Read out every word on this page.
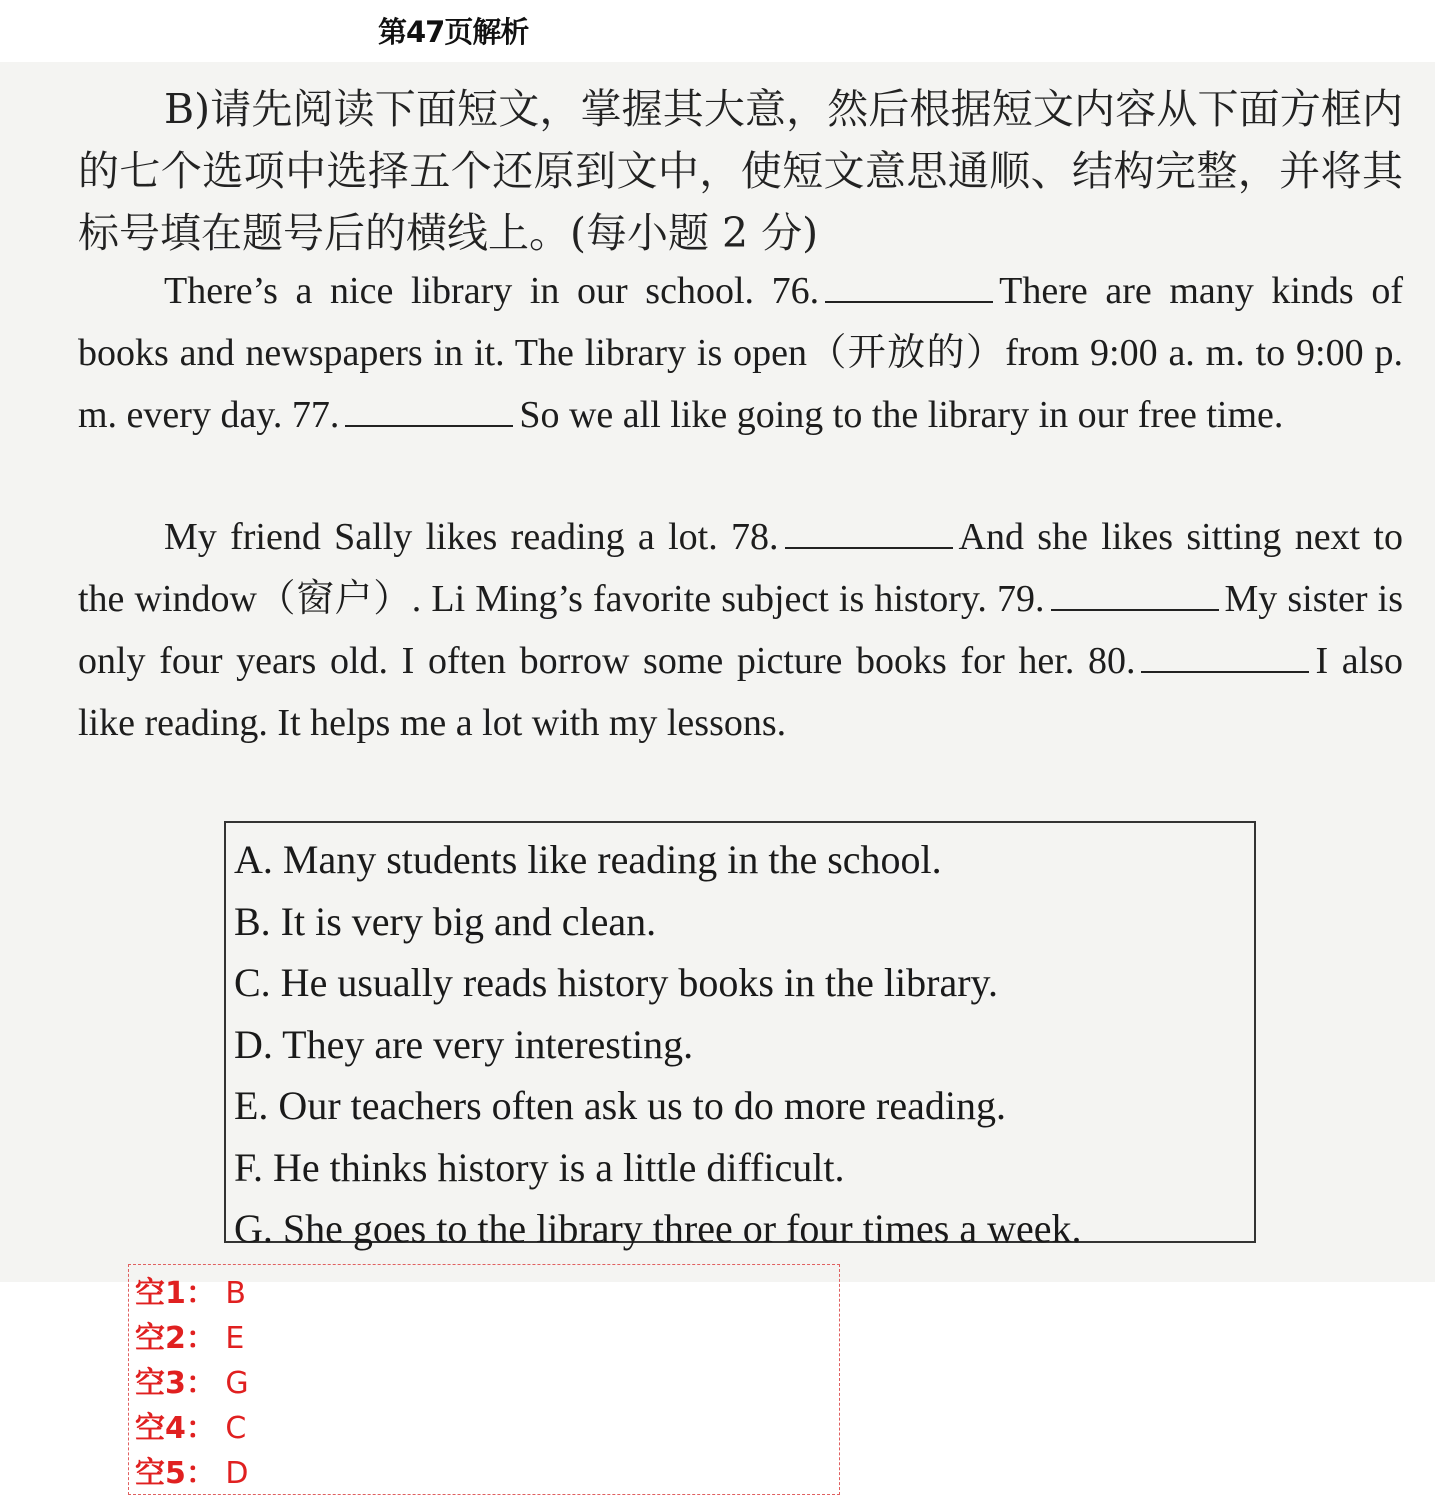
第47页解析
B)请先阅读下面短文，掌握其大意，然后根据短文内容从下面方框内的七个选项中选择五个还原到文中，使短文意思通顺、结构完整，并将其标号填在题号后的横线上。(每小题 2 分)
There’s a nice library in our school. 76.	There are many kinds of books and newspapers in it. The library is open（开放的）from 9:00 a. m. to 9:00 p. m. every day. 77.	So we all like going to the library in our free time.
My friend Sally likes reading a lot. 78.	And she likes sitting next to the window（窗户）. Li Ming’s favorite subject is history. 79.	My sister is only four years old. I often borrow some picture books for her. 80.	I also like reading. It helps me a lot with my lessons.
A. Many students like reading in the school.
B. It is very big and clean.
C. He usually reads history books in the library.
D. They are very interesting.
E. Our teachers often ask us to do more reading.
F. He thinks history is a little difficult.
G. She goes to the library three or four times a week.
空1： B
空2： E
空3： G
空4： C
空5： D
